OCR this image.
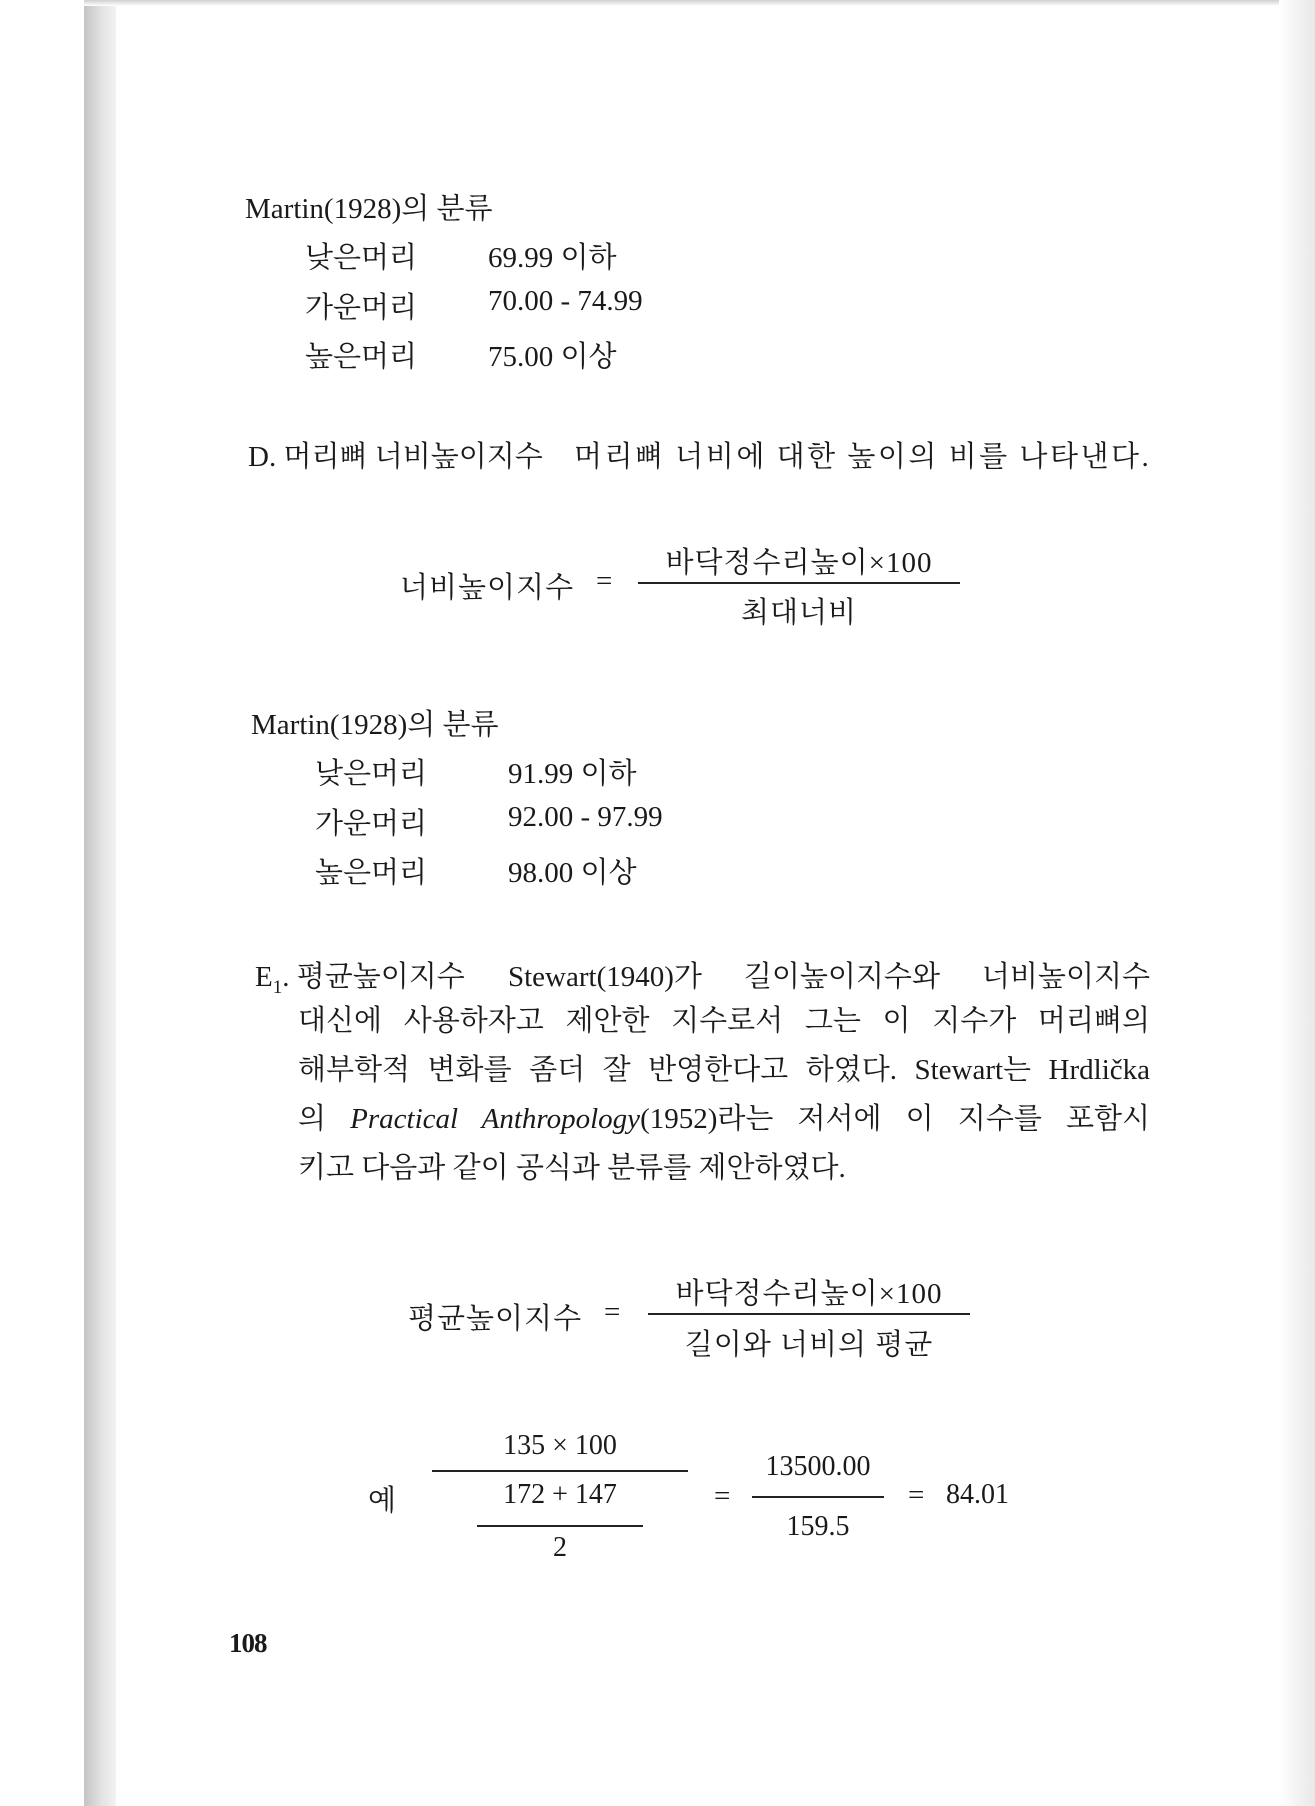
Martin(1928)의 분류
낮은머리 69.99 이하
가운머리 70.00 - 74.99
높은머리 75.00 이상
D. 머리뼈 너비높이지수 머리뼈 너비에 대한 높이의 비를 나타낸다.
너비높이지수 =
바닥정수리높이×100
최대너비
Martin(1928)의 분류
낮은머리	91.99 이하
가운머리	92.00 - 97.99
높은머리	98.00 이상
$E_1$. 평균높이지수 Stewart(1940)가 길이높이지수와 너비높이지수
대신에 사용하자고 제안한 지수로서 그는 이 지수가 머리뼈의
해부학적 변화를 좀더 잘 반영한다고 하였다. Stewart는 Hrdlička
의 Practical Anthropology(1952)라는 저서에 이 지수를 포함시
키고 다음과 같이 공식과 분류를 제안하였다.
평균높이지수 =
바닥정수리높이×100
길이와 너비의 평균
예
135 × 100
172 + 147
2
=
13500.00
159.5
= 84.01
108
